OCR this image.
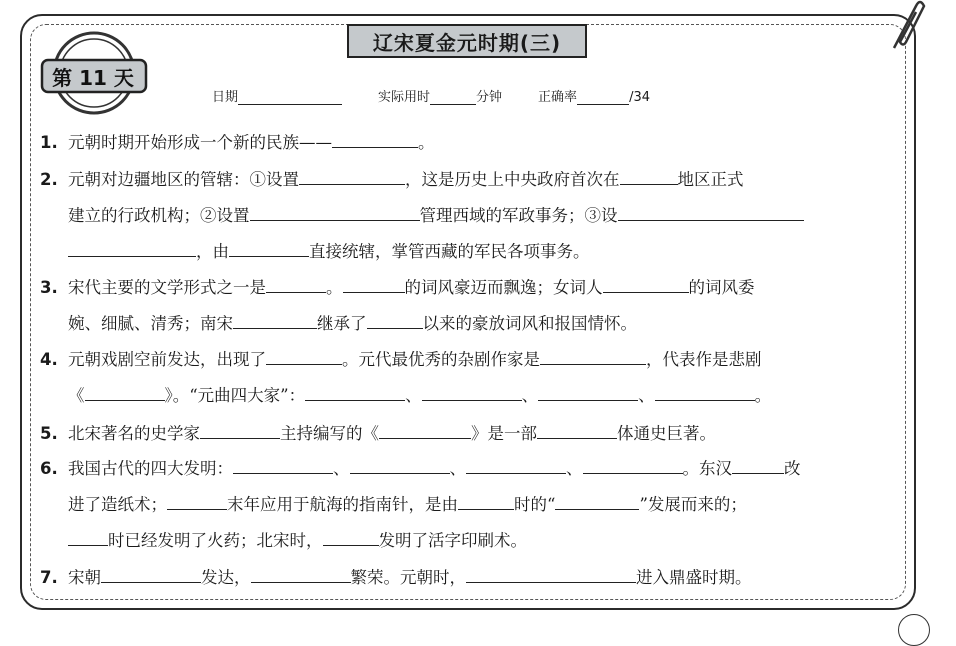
辽宋夏金元时期(三)
第 11 天
日期	实际用时	分钟	正确率	/34
1. 元朝时期开始形成一个新的民族——	。
2. 元朝对边疆地区的管辖：①设置	，这是历史上中央政府首次在	地区正式
建立的行政机构；②设置	管理西域的军政事务；③设
，由	直接统辖，掌管西藏的军民各项事务。
3. 宋代主要的文学形式之一是	。	的词风豪迈而飘逸；女词人	的词风委
婉、细腻、清秀；南宋	继承了	以来的豪放词风和报国情怀。
4. 元朝戏剧空前发达，出现了	。元代最优秀的杂剧作家是	，代表作是悲剧
《	》。“元曲四大家”：	、	、	、	。
5. 北宋著名的史学家	主持编写的《	》是一部	体通史巨著。
6. 我国古代的四大发明：	、	、	、	。东汉	改
进了造纸术；	末年应用于航海的指南针，是由	时的“	”发展而来的；
时已经发明了火药；北宋时，	发明了活字印刷术。
7. 宋朝	发达，	繁荣。元朝时，	进入鼎盛时期。
